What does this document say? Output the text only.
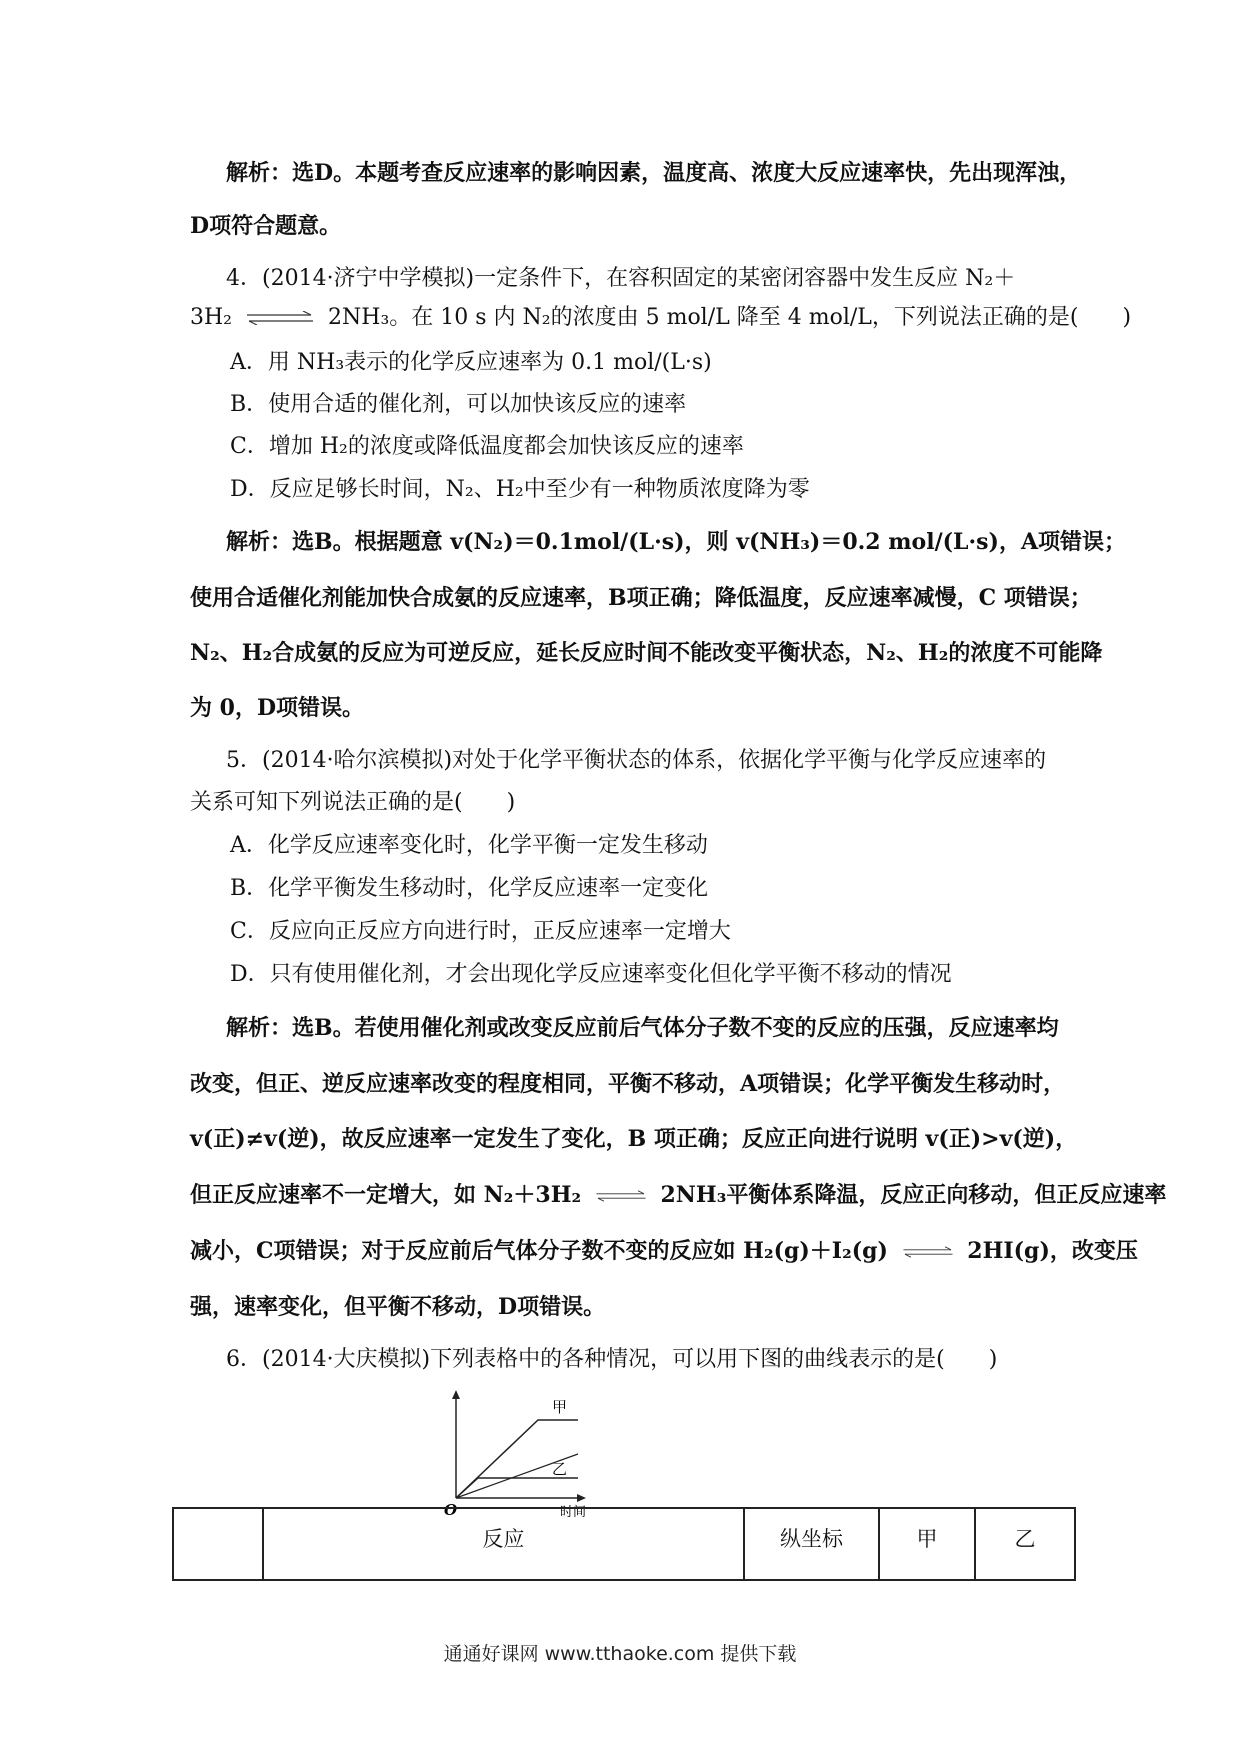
解析：选D。本题考查反应速率的影响因素，温度高、浓度大反应速率快，先出现浑浊，
D项符合题意。
4．(2014·济宁中学模拟)一定条件下，在容积固定的某密闭容器中发生反应 N₂＋
3H₂ ⇌ 2NH₃。在 10 s 内 N₂的浓度由 5 mol/L 降至 4 mol/L，下列说法正确的是(　　)
A．用 NH₃表示的化学反应速率为 0.1 mol/(L·s)
B．使用合适的催化剂，可以加快该反应的速率
C．增加 H₂的浓度或降低温度都会加快该反应的速率
D．反应足够长时间，N₂、H₂中至少有一种物质浓度降为零
解析：选B。根据题意 v(N₂)＝0.1mol/(L·s)，则 v(NH₃)＝0.2 mol/(L·s)，A项错误；
使用合适催化剂能加快合成氨的反应速率，B项正确；降低温度，反应速率减慢，C 项错误；
N₂、H₂合成氨的反应为可逆反应，延长反应时间不能改变平衡状态，N₂、H₂的浓度不可能降
为 0，D项错误。
5．(2014·哈尔滨模拟)对处于化学平衡状态的体系，依据化学平衡与化学反应速率的
关系可知下列说法正确的是(　　)
A．化学反应速率变化时，化学平衡一定发生移动
B．化学平衡发生移动时，化学反应速率一定变化
C．反应向正反应方向进行时，正反应速率一定增大
D．只有使用催化剂，才会出现化学反应速率变化但化学平衡不移动的情况
解析：选B。若使用催化剂或改变反应前后气体分子数不变的反应的压强，反应速率均
改变，但正、逆反应速率改变的程度相同，平衡不移动，A项错误；化学平衡发生移动时，
v(正)≠v(逆)，故反应速率一定发生了变化，B 项正确；反应正向进行说明 v(正)>v(逆)，
但正反应速率不一定增大，如 N₂＋3H₂ ⇌ 2NH₃平衡体系降温，反应正向移动，但正反应速率
减小，C项错误；对于反应前后气体分子数不变的反应如 H₂(g)＋I₂(g) ⇌ 2HI(g)，改变压
强，速率变化，但平衡不移动，D项错误。
6．(2014·大庆模拟)下列表格中的各种情况，可以用下图的曲线表示的是(　　)
甲
乙
O	时间
	反应	纵坐标	甲	乙
通通好课网 www.tthaoke.com 提供下载
